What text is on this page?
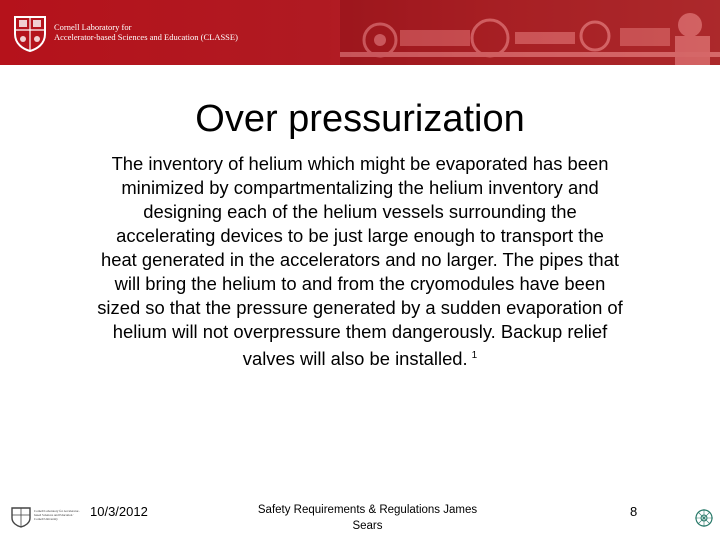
Cornell Laboratory for
Accelerator-based Sciences and Education (CLASSE)
Over pressurization
The inventory of helium which might be evaporated has been minimized by compartmentalizing the helium inventory and designing each of the helium vessels surrounding the accelerating devices to be just large enough to transport the heat generated in the accelerators and no larger. The pipes that will bring the helium to and from the cryomodules have been sized so that the pressure generated by a sudden evaporation of helium will not overpressure them dangerously. Backup relief valves will also be installed. $^1$
Cornell Laboratory for Accelerator-based Sciences and Education · Cornell University	10/3/2012	Safety Requirements & Regulations James Sears
8
